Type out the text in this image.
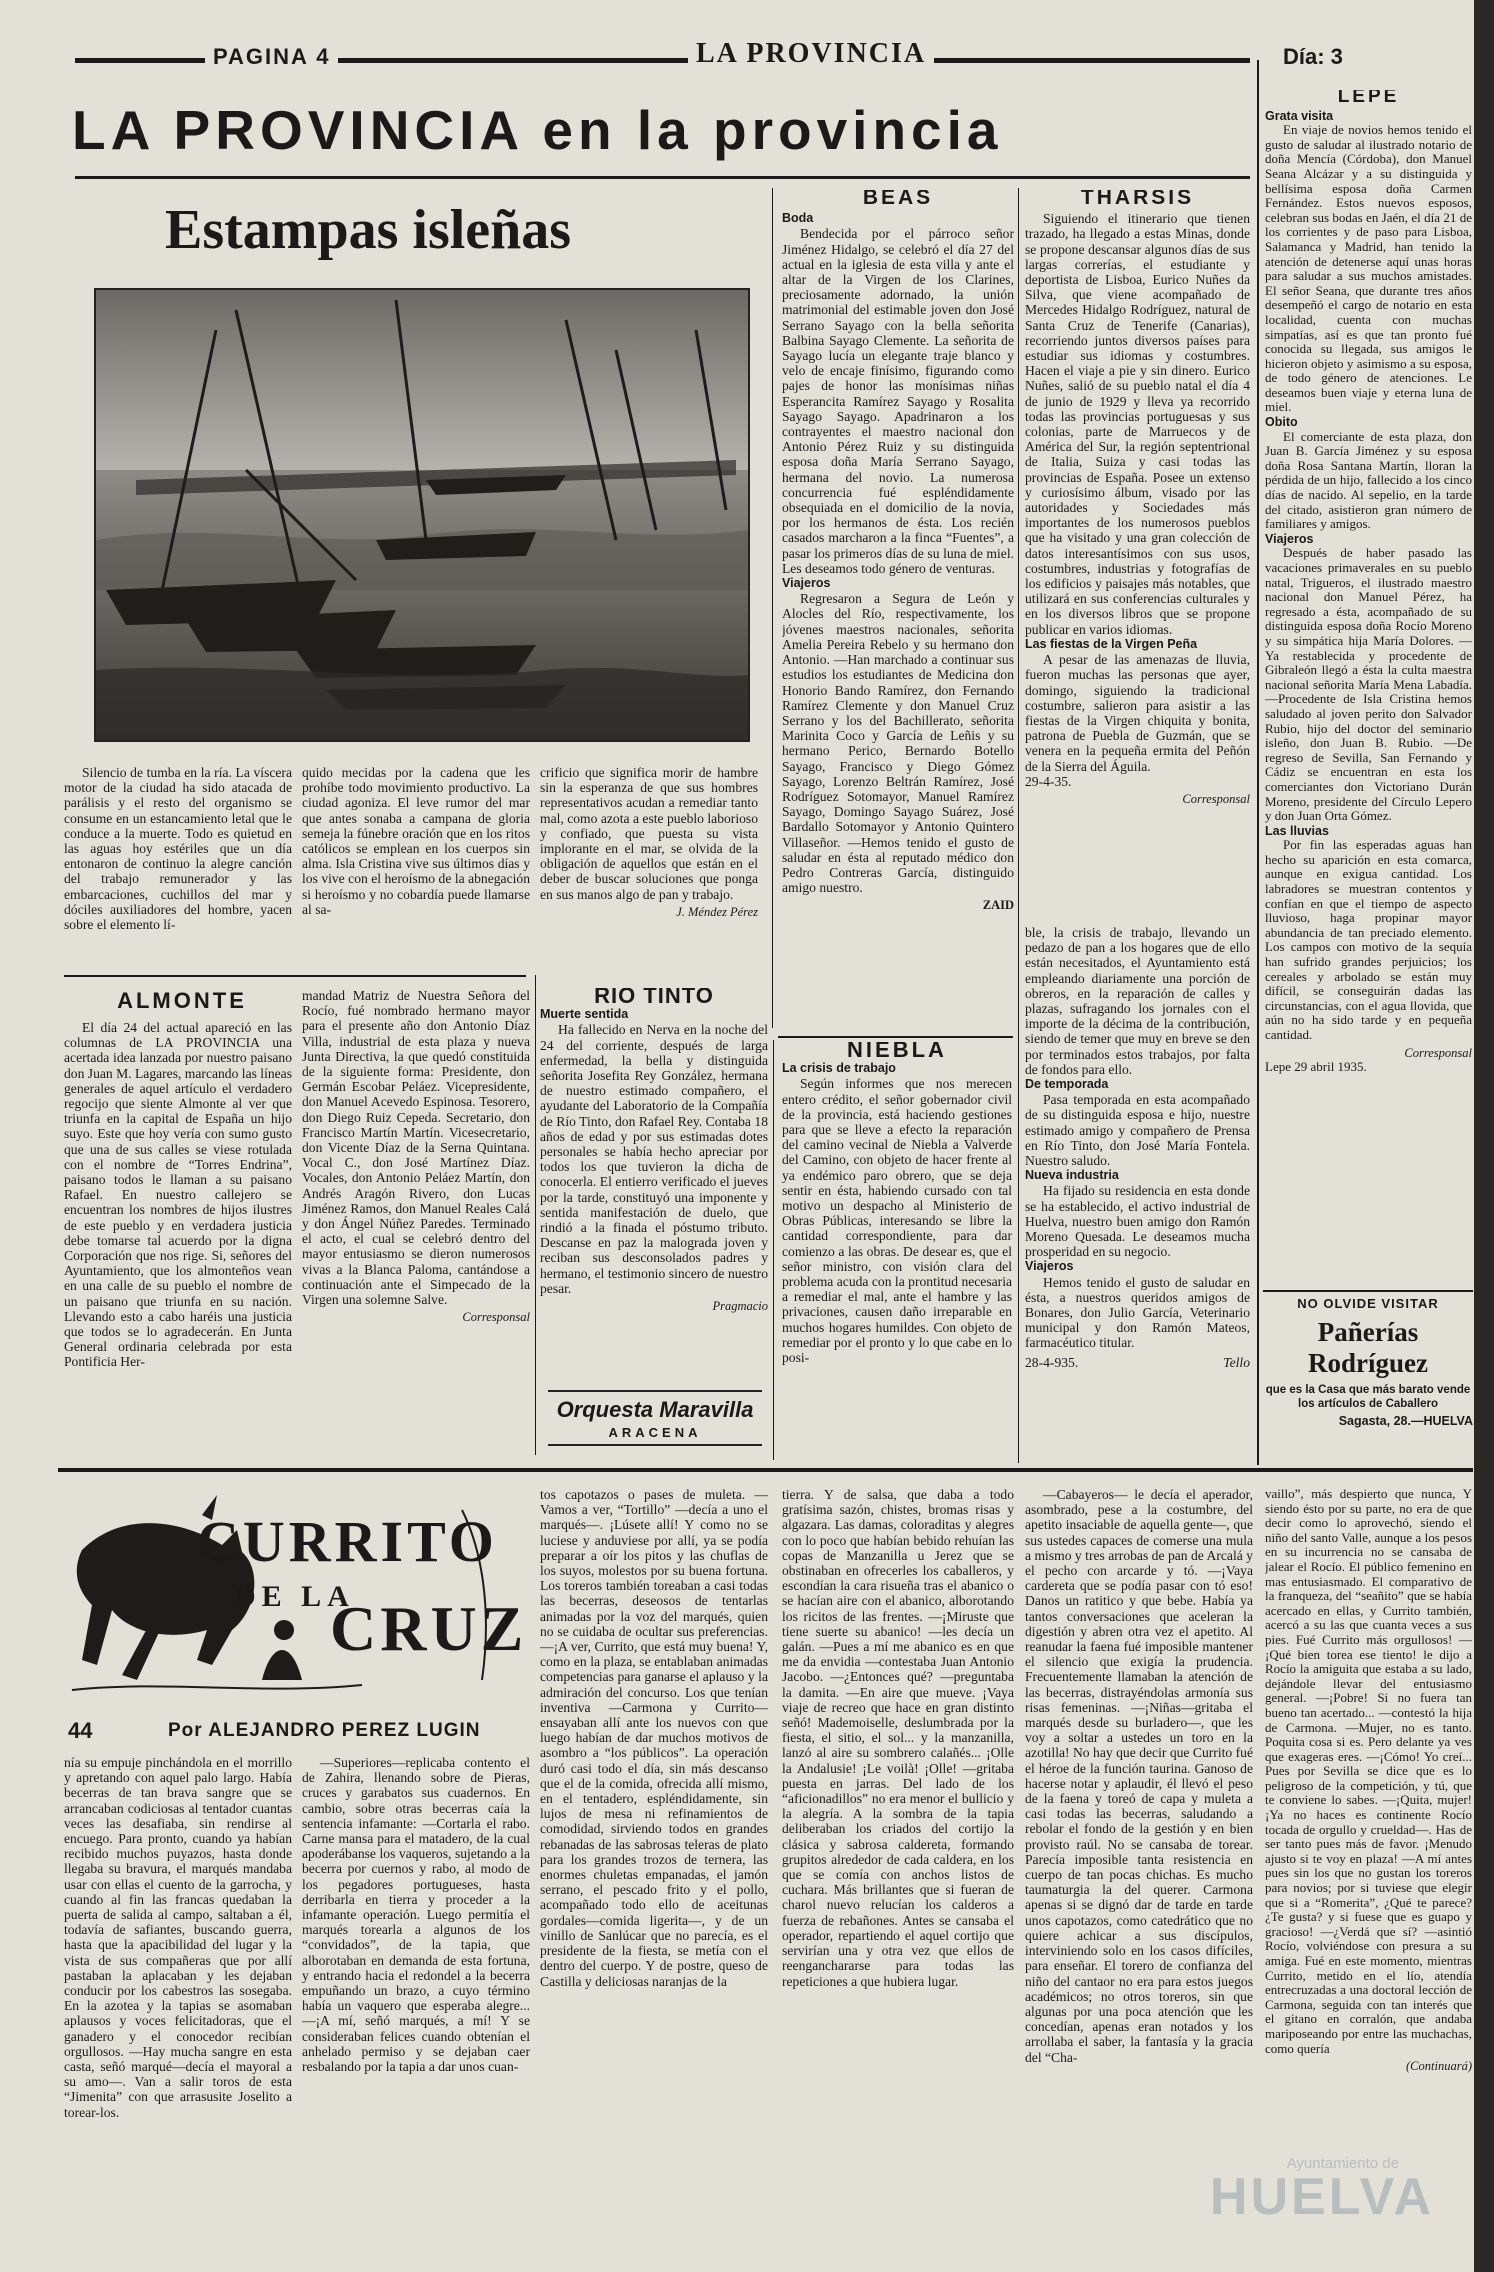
PAGINA 4	LA PROVINCIA	Día: 3
LA PROVINCIA en la provincia
Estampas isleñas

Silencio de tumba en la ría. La víscera motor de la ciudad ha sido atacada de parálisis y el resto del organismo se consume en un estancamiento letal que le conduce a la muerte. Todo es quietud en las aguas hoy estériles que un día entonaron de continuo la alegre canción del trabajo remunerador y las embarcaciones, cuchillos del mar y dóciles auxiliadores del hombre, yacen sobre el elemento lí-

quido mecidas por la cadena que les prohíbe todo movimiento productivo. La ciudad agoniza. El leve rumor del mar que antes sonaba a campana de gloria semeja la fúnebre oración que en los ritos católicos se emplean en los cuerpos sin alma. Isla Cristina vive sus últimos días y los vive con el heroísmo de la abnegación si heroísmo y no cobardía puede llamarse al sa-

crificio que significa morir de hambre sin la esperanza de que sus hombres representativos acudan a remediar tanto mal, como azota a este pueblo laborioso y confiado, que puesta su vista implorante en el mar, se olvida de la obligación de aquellos que están en el deber de buscar soluciones que ponga en sus manos algo de pan y trabajo.

J. Méndez Pérez
BEAS

Boda

Bendecida por el párroco señor Jiménez Hidalgo, se celebró el día 27 del actual en la iglesia de esta villa y ante el altar de la Virgen de los Clarines, preciosamente adornado, la unión matrimonial del estimable joven don José Serrano Sayago con la bella señorita Balbina Sayago Clemente. La señorita de Sayago lucía un elegante traje blanco y velo de encaje finísimo, figurando como pajes de honor las monísimas niñas Esperancita Ramírez Sayago y Rosalita Sayago Sayago. Apadrinaron a los contrayentes el maestro nacional don Antonio Pérez Ruiz y su distinguida esposa doña María Serrano Sayago, hermana del novio. La numerosa concurrencia fué espléndidamente obsequiada en el domicilio de la novia, por los hermanos de ésta. Los recién casados marcharon a la finca “Fuentes”, a pasar los primeros días de su luna de miel. Les deseamos todo género de venturas.

Viajeros

Regresaron a Segura de León y Alocles del Río, respectivamente, los jóvenes maestros nacionales, señorita Amelia Pereira Rebelo y su hermano don Antonio. —Han marchado a continuar sus estudios los estudiantes de Medicina don Honorio Bando Ramírez, don Fernando Ramírez Clemente y don Manuel Cruz Serrano y los del Bachillerato, señorita Marinita Coco y García de Leñis y su hermano Perico, Bernardo Botello Sayago, Francisco y Diego Gómez Sayago, Lorenzo Beltrán Ramírez, José Rodríguez Sotomayor, Manuel Ramírez Sayago, Domingo Sayago Suárez, José Bardallo Sotomayor y Antonio Quintero Villaseñor. —Hemos tenido el gusto de saludar en ésta al reputado médico don Pedro Contreras García, distinguido amigo nuestro.

ZAID
THARSIS

Siguiendo el itinerario que tienen trazado, ha llegado a estas Minas, donde se propone descansar algunos días de sus largas correrías, el estudiante y deportista de Lisboa, Eurico Nuñes da Silva, que viene acompañado de Mercedes Hidalgo Rodríguez, natural de Santa Cruz de Tenerife (Canarias), recorriendo juntos diversos países para estudiar sus idiomas y costumbres. Hacen el viaje a pie y sin dinero. Eurico Nuñes, salió de su pueblo natal el día 4 de junio de 1929 y lleva ya recorrido todas las provincias portuguesas y sus colonias, parte de Marruecos y de América del Sur, la región septentrional de Italia, Suiza y casi todas las provincias de España. Posee un extenso y curiosísimo álbum, visado por las autoridades y Sociedades más importantes de los numerosos pueblos que ha visitado y una gran colección de datos interesantísimos con sus usos, costumbres, industrias y fotografías de los edificios y paisajes más notables, que utilizará en sus conferencias culturales y en los diversos libros que se propone publicar en varios idiomas.

Las fiestas de la Virgen Peña

A pesar de las amenazas de lluvia, fueron muchas las personas que ayer, domingo, siguiendo la tradicional costumbre, salieron para asistir a las fiestas de la Virgen chiquita y bonita, patrona de Puebla de Guzmán, que se venera en la pequeña ermita del Peñón de la Sierra del Águila.

29-4-35.

Corresponsal
LEPE

Grata visita

En viaje de novios hemos tenido el gusto de saludar al ilustrado notario de doña Mencía (Córdoba), don Manuel Seana Alcázar y a su distinguida y bellísima esposa doña Carmen Fernández. Estos nuevos esposos, celebran sus bodas en Jaén, el día 21 de los corrientes y de paso para Lisboa, Salamanca y Madrid, han tenido la atención de detenerse aquí unas horas para saludar a sus muchos amistades. El señor Seana, que durante tres años desempeñó el cargo de notario en esta localidad, cuenta con muchas simpatías, así es que tan pronto fué conocida su llegada, sus amigos le hicieron objeto y asimismo a su esposa, de todo género de atenciones. Le deseamos buen viaje y eterna luna de miel.

Obito

El comerciante de esta plaza, don Juan B. García Jiménez y su esposa doña Rosa Santana Martín, lloran la pérdida de un hijo, fallecido a los cinco días de nacido. Al sepelio, en la tarde del citado, asistieron gran número de familiares y amigos.

Viajeros

Después de haber pasado las vacaciones primaverales en su pueblo natal, Trigueros, el ilustrado maestro nacional don Manuel Pérez, ha regresado a ésta, acompañado de su distinguida esposa doña Rocío Moreno y su simpática hija María Dolores. —Ya restablecida y procedente de Gibraleón llegó a ésta la culta maestra nacional señorita María Mena Labadía. —Procedente de Isla Cristina hemos saludado al joven perito don Salvador Rubio, hijo del doctor del seminario isleño, don Juan B. Rubio. —De regreso de Sevilla, San Fernando y Cádiz se encuentran en esta los comerciantes don Victoriano Durán Moreno, presidente del Círculo Lepero y don Juan Orta Gómez.

Las lluvias

Por fin las esperadas aguas han hecho su aparición en esta comarca, aunque en exigua cantidad. Los labradores se muestran contentos y confían en que el tiempo de aspecto lluvioso, haga propinar mayor abundancia de tan preciado elemento. Los campos con motivo de la sequía han sufrido grandes perjuicios; los cereales y arbolado se están muy difícil, se conseguirán dadas las circunstancias, con el agua llovida, que aún no ha sido tarde y en pequeña cantidad.

Corresponsal

Lepe 29 abril 1935.

NO OLVIDE VISITAR
Pañerías Rodríguez
que es la Casa que más barato vende los artículos de Caballero
Sagasta, 28.—HUELVA
ALMONTE

El día 24 del actual apareció en las columnas de LA PROVINCIA una acertada idea lanzada por nuestro paisano don Juan M. Lagares, marcando las líneas generales de aquel artículo el verdadero regocijo que siente Almonte al ver que triunfa en la capital de España un hijo suyo. Este que hoy vería con sumo gusto que una de sus calles se viese rotulada con el nombre de “Torres Endrina”, paisano todos le llaman a su paisano Rafael. En nuestro callejero se encuentran los nombres de hijos ilustres de este pueblo y en verdadera justicia debe tomarse tal acuerdo por la digna Corporación que nos rige. Si, señores del Ayuntamiento, que los almonteños vean en una calle de su pueblo el nombre de un paisano que triunfa en su nación. Llevando esto a cabo haréis una justicia que todos se lo agradecerán. En Junta General ordinaria celebrada por esta Pontificia Her-

mandad Matriz de Nuestra Señora del Rocío, fué nombrado hermano mayor para el presente año don Antonio Díaz Villa, industrial de esta plaza y nueva Junta Directiva, la que quedó constituida de la siguiente forma: Presidente, don Germán Escobar Peláez. Vicepresidente, don Manuel Acevedo Espinosa. Tesorero, don Diego Ruiz Cepeda. Secretario, don Francisco Martín Martín. Vicesecretario, don Vicente Díaz de la Serna Quintana. Vocal C., don José Martínez Díaz. Vocales, don Antonio Peláez Martín, don Andrés Aragón Rivero, don Lucas Jiménez Ramos, don Manuel Reales Calá y don Ángel Núñez Paredes. Terminado el acto, el cual se celebró dentro del mayor entusiasmo se dieron numerosos vivas a la Blanca Paloma, cantándose a continuación ante el Simpecado de la Virgen una solemne Salve.

Corresponsal
RIO TINTO

Muerte sentida

Ha fallecido en Nerva en la noche del 24 del corriente, después de larga enfermedad, la bella y distinguida señorita Josefita Rey González, hermana de nuestro estimado compañero, el ayudante del Laboratorio de la Compañía de Río Tinto, don Rafael Rey. Contaba 18 años de edad y por sus estimadas dotes personales se había hecho apreciar por todos los que tuvieron la dicha de conocerla. El entierro verificado el jueves por la tarde, constituyó una imponente y sentida manifestación de duelo, que rindió a la finada el póstumo tributo. Descanse en paz la malograda joven y reciban sus desconsolados padres y hermano, el testimonio sincero de nuestro pesar.

Pragmacio
Orquesta Maravilla
ARACENA
NIEBLA

La crisis de trabajo

Según informes que nos merecen entero crédito, el señor gobernador civil de la provincia, está haciendo gestiones para que se lleve a efecto la reparación del camino vecinal de Niebla a Valverde del Camino, con objeto de hacer frente al ya endémico paro obrero, que se deja sentir en ésta, habiendo cursado con tal motivo un despacho al Ministerio de Obras Públicas, interesando se libre la cantidad correspondiente, para dar comienzo a las obras. De desear es, que el señor ministro, con visión clara del problema acuda con la prontitud necesaria a remediar el mal, ante el hambre y las privaciones, causen daño irreparable en muchos hogares humildes. Con objeto de remediar por el pronto y lo que cabe en lo posi-

ble, la crisis de trabajo, llevando un pedazo de pan a los hogares que de ello están necesitados, el Ayuntamiento está empleando diariamente una porción de obreros, en la reparación de calles y plazas, sufragando los jornales con el importe de la décima de la contribución, siendo de temer que muy en breve se den por terminados estos trabajos, por falta de fondos para ello.

De temporada

Pasa temporada en esta acompañado de su distinguida esposa e hijo, nuestre estimado amigo y compañero de Prensa en Río Tinto, don José María Fontela. Nuestro saludo.

Nueva industria

Ha fijado su residencia en esta donde se ha establecido, el activo industrial de Huelva, nuestro buen amigo don Ramón Moreno Quesada. Le deseamos mucha prosperidad en su negocio.

Viajeros

Hemos tenido el gusto de saludar en ésta, a nuestros queridos amigos de Bonares, don Julio García, Veterinario municipal y don Ramón Mateos, farmacéutico titular.

28-4-935.	Tello
CURRITO
DE LA
CRUZ
44	Por ALEJANDRO PEREZ LUGIN

nía su empuje pinchándola en el morrillo y apretando con aquel palo largo. Había becerras de tan brava sangre que se arrancaban codiciosas al tentador cuantas veces las desafiaba, sin rendirse al encuego. Para pronto, cuando ya habían recibido muchos puyazos, hasta donde llegaba su bravura, el marqués mandaba usar con ellas el cuento de la garrocha, y cuando al fin las francas quedaban la puerta de salida al campo, saltaban a él, todavía de safiantes, buscando guerra, hasta que la apacibilidad del lugar y la vista de sus compañeras que por allí pastaban la aplacaban y les dejaban conducir por los cabestros las sosegaba. En la azotea y la tapias se asomaban aplausos y voces felicitadoras, que el ganadero y el conocedor recibían orgullosos. —Hay mucha sangre en esta casta, señó marqué—decía el mayoral a su amo—. Van a salir toros de esta “Jimenita” con que arrasusite Joselito a torear-los.

—Superiores—replicaba contento el de Zahira, llenando sobre de Pieras, cruces y garabatos sus cuadernos. En cambio, sobre otras becerras caía la sentencia infamante: —Cortarla el rabo. Carne mansa para el matadero, de la cual apoderábanse los vaqueros, sujetando a la becerra por cuernos y rabo, al modo de los pegadores portugueses, hasta derribarla en tierra y proceder a la infamante operación. Luego permitía el marqués torearla a algunos de los “convidados”, de la tapia, que alborotaban en demanda de esta fortuna, y entrando hacia el redondel a la becerra empuñando un brazo, a cuyo término había un vaquero que esperaba alegre... —¡A mí, señó marqués, a mí! Y se consideraban felices cuando obtenían el anhelado permiso y se dejaban caer resbalando por la tapia a dar unos cuan-

tos capotazos o pases de muleta. —Vamos a ver, “Tortillo” —decía a uno el marqués—. ¡Lúsete allí! Y como no se luciese y anduviese por allí, ya se podía preparar a oír los pitos y las chuflas de los suyos, molestos por su buena fortuna. Los toreros también toreaban a casi todas las becerras, deseosos de tentarlas animadas por la voz del marqués, quien no se cuidaba de ocultar sus preferencias. —¡A ver, Currito, que está muy buena! Y, como en la plaza, se entablaban animadas competencias para ganarse el aplauso y la admiración del concurso. Los que tenían inventiva —Carmona y Currito— ensayaban allí ante los nuevos con que luego habían de dar muchos motivos de asombro a “los públicos”. La operación duró casi todo el día, sin más descanso que el de la comida, ofrecida allí mismo, en el tentadero, espléndidamente, sin lujos de mesa ni refinamientos de comodidad, sirviendo todos en grandes rebanadas de las sabrosas teleras de plato para los grandes trozos de ternera, las enormes chuletas empanadas, el jamón serrano, el pescado frito y el pollo, acompañado todo ello de aceitunas gordales—comida ligerita—, y de un vinillo de Sanlúcar que no parecía, es el presidente de la fiesta, se metía con el dentro del cuerpo. Y de postre, queso de Castilla y deliciosas naranjas de la

tierra. Y de salsa, que daba a todo gratísima sazón, chistes, bromas risas y algazara. Las damas, coloraditas y alegres con lo poco que habían bebido rehuían las copas de Manzanilla u Jerez que se obstinaban en ofrecerles los caballeros, y escondían la cara risueña tras el abanico o se hacían aire con el abanico, alborotando los ricitos de las frentes. —¡Miruste que tiene suerte su abanico! —les decía un galán. —Pues a mí me abanico es en que me da envidia —contestaba Juan Antonio Jacobo. —¿Entonces qué? —preguntaba la damita. —En aire que mueve. ¡Vaya viaje de recreo que hace en gran distinto señó! Mademoiselle, deslumbrada por la fiesta, el sitio, el sol... y la manzanilla, lanzó al aire su sombrero calañés... ¡Olle la Andalusie! ¡Le voilà! ¡Olle! —gritaba puesta en jarras. Del lado de los “aficionadillos” no era menor el bullicio y la alegría. A la sombra de la tapia deliberaban los criados del cortijo la clásica y sabrosa caldereta, formando grupitos alrededor de cada caldera, en los que se comía con anchos listos de cuchara. Más brillantes que si fueran de charol nuevo relucían los calderos a fuerza de rebañones. Antes se cansaba el operador, repartiendo el aquel cortijo que servirían una y otra vez que ellos de reenganchararse para todas las repeticiones a que hubiera lugar.

—Cabayeros— le decía el aperador, asombrado, pese a la costumbre, del apetito insaciable de aquella gente—, que sus ustedes capaces de comerse una mula a mismo y tres arrobas de pan de Arcalá y el pecho con arcarde y tó. —¡Vaya cardereta que se podía pasar con tó eso! Danos un ratitico y que bebe. Había ya tantos conversaciones que aceleran la digestión y abren otra vez el apetito. Al reanudar la faena fué imposible mantener el silencio que exigía la prudencia. Frecuentemente llamaban la atención de las becerras, distrayéndolas armonía sus risas femeninas. —¡Niñas—gritaba el marqués desde su burladero—, que les voy a soltar a ustedes un toro en la azotilla! No hay que decir que Currito fué el héroe de la función taurina. Ganoso de hacerse notar y aplaudir, él llevó el peso de la faena y toreó de capa y muleta a casi todas las becerras, saludando a rebolar el fondo de la gestión y en bien provisto raúl. No se cansaba de torear. Parecía imposible tanta resistencia en cuerpo de tan pocas chichas. Es mucho taumaturgia la del querer. Carmona apenas si se dignó dar de tarde en tarde unos capotazos, como catedrático que no quiere achicar a sus discípulos, interviniendo solo en los casos difíciles, para enseñar. El torero de confianza del niño del cantaor no era para estos juegos académicos; no otros toreros, sin que algunas por una poca atención que les concedían, apenas eran notados y los arrollaba el saber, la fantasía y la gracia del “Cha-

vaillo”, más despierto que nunca, Y siendo ésto por su parte, no era de que decir como lo aprovechó, siendo el niño del santo Valle, aunque a los pesos en su incurrencia no se cansaba de jalear el Rocío. El público femenino en mas entusiasmado. El comparativo de la franqueza, del “seañito” que se había acercado en ellas, y Currito también, acercó a su las que cuanta veces a sus pies. Fué Currito más orgullosos! —¡Qué bien torea ese tiento! le dijo a Rocío la amiguita que estaba a su lado, dejándole llevar del entusiasmo general. —¡Pobre! Si no fuera tan bueno tan acertado... —contestó la hija de Carmona. —Mujer, no es tanto. Poquita cosa si es. Pero delante ya ves que exageras eres. —¡Cómo! Yo creí... Pues por Sevilla se dice que es lo peligroso de la competición, y tú, que te conviene lo sabes. —¡Quita, mujer! ¡Ya no haces es continente Rocío tocada de orgullo y crueldad—. Has de ser tanto pues más de favor. ¡Menudo ajusto si te voy en plaza! —A mí antes pues sin los que no gustan los toreros para novios; por si tuviese que elegir que si a “Romerita”, ¿Qué te parece? ¿Te gusta? y si fuese que es guapo y gracioso! —¿Verdá que sí? —asintió Rocío, volviéndose con presura a su amiga. Fué en este momento, mientras Currito, metido en el lío, atendía entrecruzadas a una doctoral lección de Carmona, seguida con tan interés que el gitano en corralón, que andaba mariposeando por entre las muchachas, como quería

(Continuará)
Ayuntamiento de
HUELVA
